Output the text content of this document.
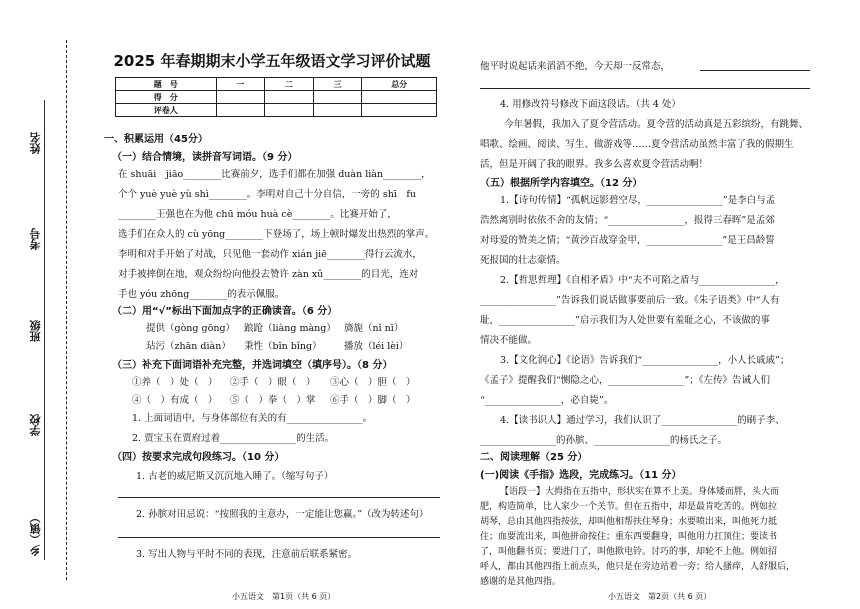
姓名
考号
班级
学校
乡（镇）
2025 年春期期末小学五年级语文学习评价试题
题　号	一	二	三	总分
得　分				
评卷人				
一、积累运用（45分）
（一）结合情境，读拼音写词语。（9 分）
在 shuāi　jiāo________比赛前夕，选手们都在加强 duàn liàn________，
个个 yuè yuè yù shì________。李明对自己十分自信，一旁的 shī　fu
________王强也在为他 chū móu huà cè________。比赛开始了，
选手们在众人的 cù yōng________下登场了，场上顿时爆发出热烈的掌声。
李明和对手开始了对战，只见他一套动作 xián jiē________得行云流水，
对手被摔倒在地，观众纷纷向他投去赞许 zàn xǔ________的目光，连对
手也 yóu zhōng________的表示佩服。
（二）用“√”标出下面加点字的正确读音。（6 分）
提供（gòng gōng） 踉跄（liàng màng） 旖旎（nǐ nī）
玷污（zhān diàn） 秉性（bǐn bǐng） 播放（léi lèi）
（三）补充下面词语补充完整，并选词填空（填序号）。（8 分）
①养（　）处（　） ②手（　）眼（　） ③心（　）胆（　）
④（　）有成（　） ⑤（　）拳（　）掌 ⑥手（　）脚（　）
1. 上面词语中，与身体部位有关的有________________。
2. 贾宝玉在贾府过着________________的生活。
（四）按要求完成句段练习。（10 分）
1. 古老的威尼斯又沉沉地入睡了。（缩写句子）
2. 孙膑对田忌说：“按照我的主意办，一定能让您赢。”（改为转述句）
3. 写出人物与平时不同的表现，注意前后联系紧密。
小五语文　第1页（共 6 页）
他平时说起话来滔滔不绝，今天却一反常态，
4. 用修改符号修改下面这段话。（共 4 处）
今年暑假，我加入了夏令营活动。夏令营的活动真是五彩缤纷，有跳舞、
唱歌、绘画、阅读、写生、做游戏等……夏令营活动虽然丰富了我的假期生
活，但是开阔了我的眼界。我多么喜欢夏令营活动啊！
（五）根据所学内容填空。（12 分）
1.【诗句传情】“孤帆远影碧空尽，________________”是李白与孟
浩然离别时依依不舍的友情；“________________，报得三春晖”是孟郊
对母爱的赞美之情；“黄沙百战穿金甲，________________”是王昌龄誓
死报国的壮志豪情。
2.【哲思哲理】《自相矛盾》中“夫不可陷之盾与________________，
________________”告诉我们说话做事要前后一致。《朱子语类》中“人有
耻，________________”启示我们为人处世要有羞耻之心，不该做的事
情决不能做。
3.【文化润心】《论语》告诉我们“________________，小人长戚戚”；
《孟子》提醒我们“恻隐之心，________________”；《左传》告诫人们
“________________，必自毙”。
4.【读书识人】通过学习，我们认识了________________的刷子李、
________________的孙膑、________________的杨氏之子。
二、阅读理解（25 分）
(一)阅读《手指》选段，完成练习。（11 分）
【语段一】大拇指在五指中，形状实在算不上美。身体矮而胖，头大而
肥，构造简单，比人家少一个关节。但在五指中，却是最肯吃苦的。例如拉
胡琴，总由其他四指按弦，却叫他相帮扶住琴身；水要喷出来，叫他死力抵
住；血要流出来，叫他拼命按住；重东西要翻身，叫他用力扛顶住；要读书
了，叫他翻书页；要进门了，叫他揿电铃。讨巧的事，却轮不上他。例如招
呼人，都由其他四指上前点头，他只是在旁边站着一旁；给人搔痒，人舒服后，
感谢的是其他四指。
小五语文　第2页（共 6 页）
